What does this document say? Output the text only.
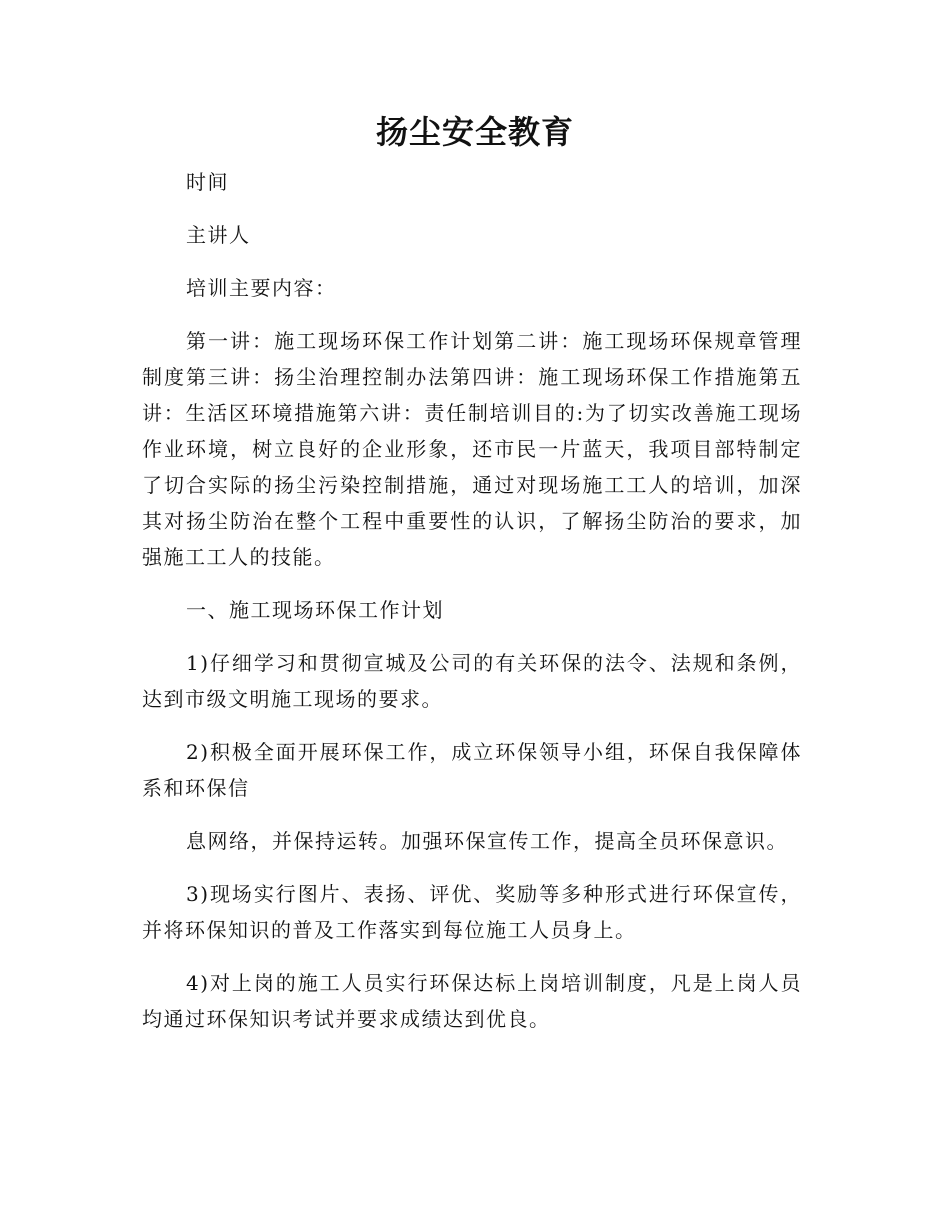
扬尘安全教育

时间

主讲人

培训主要内容：

第一讲：施工现场环保工作计划第二讲：施工现场环保规章管理制度第三讲：扬尘治理控制办法第四讲：施工现场环保工作措施第五讲：生活区环境措施第六讲：责任制培训目的:为了切实改善施工现场作业环境，树立良好的企业形象，还市民一片蓝天，我项目部特制定了切合实际的扬尘污染控制措施，通过对现场施工工人的培训，加深其对扬尘防治在整个工程中重要性的认识，了解扬尘防治的要求，加强施工工人的技能。

一、施工现场环保工作计划

1)仔细学习和贯彻宣城及公司的有关环保的法令、法规和条例，达到市级文明施工现场的要求。

2)积极全面开展环保工作，成立环保领导小组，环保自我保障体系和环保信

息网络，并保持运转。加强环保宣传工作，提高全员环保意识。

3)现场实行图片、表扬、评优、奖励等多种形式进行环保宣传，并将环保知识的普及工作落实到每位施工人员身上。

4)对上岗的施工人员实行环保达标上岗培训制度，凡是上岗人员均通过环保知识考试并要求成绩达到优良。
